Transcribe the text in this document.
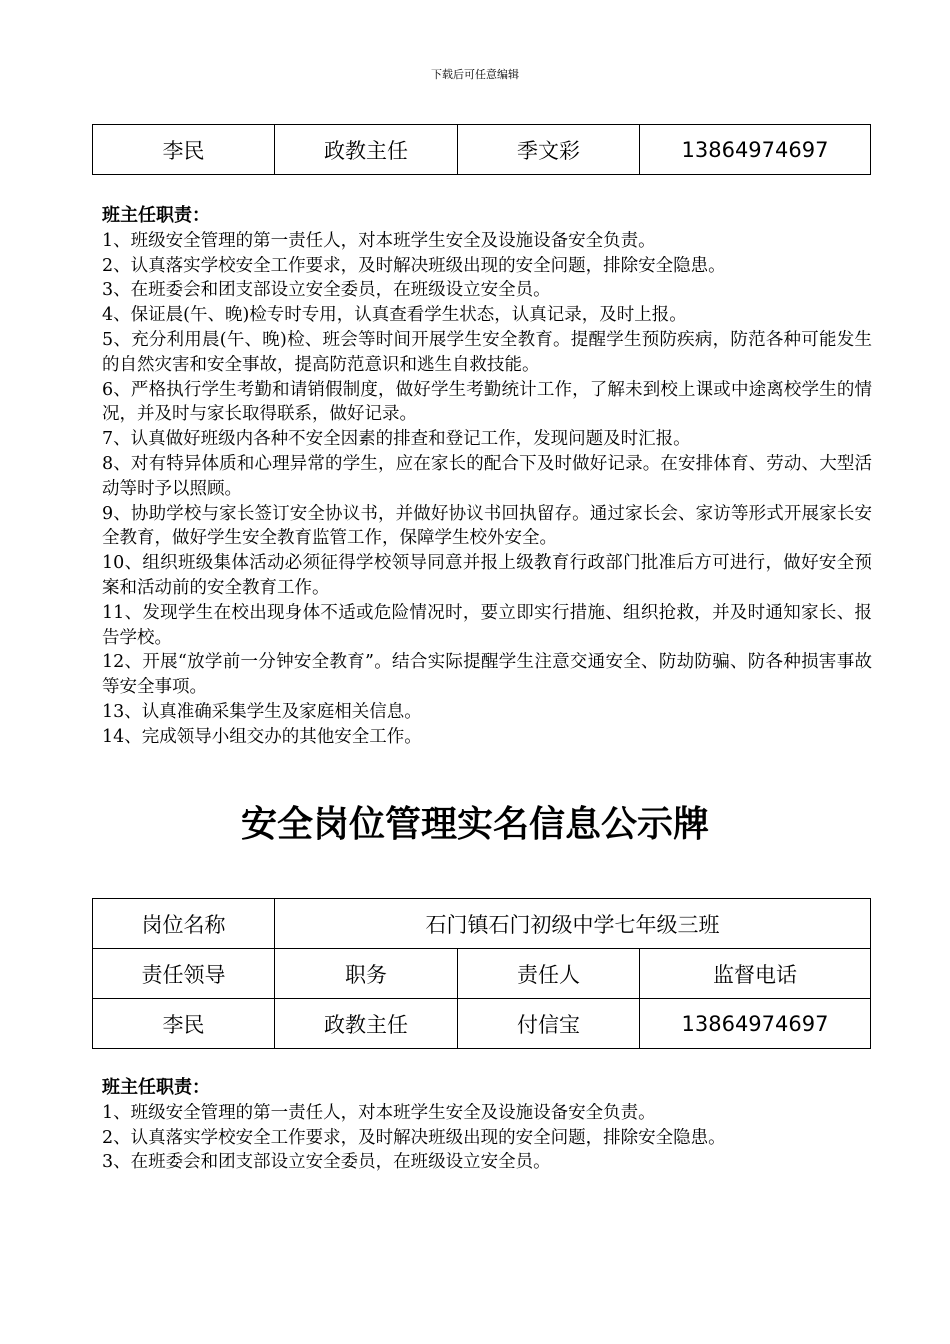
下载后可任意编辑
李民	政教主任	季文彩	13864974697
班主任职责：

1、班级安全管理的第一责任人，对本班学生安全及设施设备安全负责。

2、认真落实学校安全工作要求，及时解决班级出现的安全问题，排除安全隐患。

3、在班委会和团支部设立安全委员，在班级设立安全员。

4、保证晨(午、晚)检专时专用，认真查看学生状态，认真记录，及时上报。

5、充分利用晨(午、晚)检、班会等时间开展学生安全教育。提醒学生预防疾病，防范各种可能发生的自然灾害和安全事故，提高防范意识和逃生自救技能。

6、严格执行学生考勤和请销假制度，做好学生考勤统计工作，了解未到校上课或中途离校学生的情况，并及时与家长取得联系，做好记录。

7、认真做好班级内各种不安全因素的排查和登记工作，发现问题及时汇报。

8、对有特异体质和心理异常的学生，应在家长的配合下及时做好记录。在安排体育、劳动、大型活动等时予以照顾。

9、协助学校与家长签订安全协议书，并做好协议书回执留存。通过家长会、家访等形式开展家长安全教育，做好学生安全教育监管工作，保障学生校外安全。

10、组织班级集体活动必须征得学校领导同意并报上级教育行政部门批准后方可进行，做好安全预案和活动前的安全教育工作。

11、发现学生在校出现身体不适或危险情况时，要立即实行措施、组织抢救，并及时通知家长、报告学校。

12、开展“放学前一分钟安全教育”。结合实际提醒学生注意交通安全、防劫防骗、防各种损害事故等安全事项。

13、认真准确采集学生及家庭相关信息。

14、完成领导小组交办的其他安全工作。

安全岗位管理实名信息公示牌
岗位名称	石门镇石门初级中学七年级三班		
责任领导	职务	责任人	监督电话
李民	政教主任	付信宝	13864974697
班主任职责：

1、班级安全管理的第一责任人，对本班学生安全及设施设备安全负责。

2、认真落实学校安全工作要求，及时解决班级出现的安全问题，排除安全隐患。

3、在班委会和团支部设立安全委员，在班级设立安全员。
